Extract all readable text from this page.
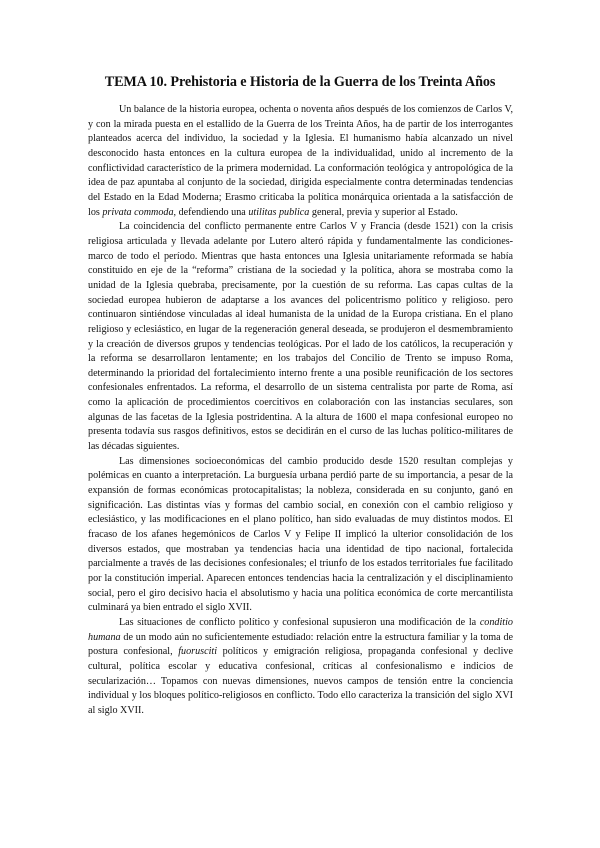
TEMA 10. Prehistoria e Historia de la Guerra de los Treinta Años

Un balance de la historia europea, ochenta o noventa años después de los comienzos de Carlos V, y con la mirada puesta en el estallido de la Guerra de los Treinta Años, ha de partir de los interrogantes planteados acerca del individuo, la sociedad y la Iglesia. El humanismo había alcanzado un nivel desconocido hasta entonces en la cultura europea de la individualidad, unido al incremento de la conflictividad característico de la primera modernidad. La conformación teológica y antropológica de la idea de paz apuntaba al conjunto de la sociedad, dirigida especialmente contra determinadas tendencias del Estado en la Edad Moderna; Erasmo criticaba la política monárquica orientada a la satisfacción de los privata commoda, defendiendo una utilitas publica general, previa y superior al Estado.

La coincidencia del conflicto permanente entre Carlos V y Francia (desde 1521) con la crisis religiosa articulada y llevada adelante por Lutero alteró rápida y fundamentalmente las condiciones-marco de todo el período. Mientras que hasta entonces una Iglesia unitariamente reformada se había constituido en eje de la “reforma” cristiana de la sociedad y la política, ahora se mostraba como la unidad de la Iglesia quebraba, precisamente, por la cuestión de su reforma. Las capas cultas de la sociedad europea hubieron de adaptarse a los avances del policentrismo político y religioso. pero continuaron sintiéndose vinculadas al ideal humanista de la unidad de la Europa cristiana. En el plano religioso y eclesiástico, en lugar de la regeneración general deseada, se produjeron el desmembramiento y la creación de diversos grupos y tendencias teológicas. Por el lado de los católicos, la recuperación y la reforma se desarrollaron lentamente; en los trabajos del Concilio de Trento se impuso Roma, determinando la prioridad del fortalecimiento interno frente a una posible reunificación de los sectores confesionales enfrentados. La reforma, el desarrollo de un sistema centralista por parte de Roma, así como la aplicación de procedimientos coercitivos en colaboración con las instancias seculares, son algunas de las facetas de la Iglesia postridentina. A la altura de 1600 el mapa confesional europeo no presenta todavía sus rasgos definitivos, estos se decidirán en el curso de las luchas político-militares de las décadas siguientes.

Las dimensiones socioeconómicas del cambio producido desde 1520 resultan complejas y polémicas en cuanto a interpretación. La burguesía urbana perdió parte de su importancia, a pesar de la expansión de formas económicas protocapitalistas; la nobleza, considerada en su conjunto, ganó en significación. Las distintas vías y formas del cambio social, en conexión con el cambio religioso y eclesiástico, y las modificaciones en el plano político, han sido evaluadas de muy distintos modos. El fracaso de los afanes hegemónicos de Carlos V y Felipe II implicó la ulterior consolidación de los diversos estados, que mostraban ya tendencias hacia una identidad de tipo nacional, fortalecida parcialmente a través de las decisiones confesionales; el triunfo de los estados territoriales fue facilitado por la constitución imperial. Aparecen entonces tendencias hacia la centralización y el disciplinamiento social, pero el giro decisivo hacia el absolutismo y hacia una política económica de corte mercantilista culminará ya bien entrado el siglo XVII.

Las situaciones de conflicto político y confesional supusieron una modificación de la conditio humana de un modo aún no suficientemente estudiado: relación entre la estructura familiar y la toma de postura confesional, fuorusciti políticos y emigración religiosa, propaganda confesional y declive cultural, política escolar y educativa confesional, críticas al confesionalismo e indicios de secularización… Topamos con nuevas dimensiones, nuevos campos de tensión entre la conciencia individual y los bloques político-religiosos en conflicto. Todo ello caracteriza la transición del siglo XVI al siglo XVII.
